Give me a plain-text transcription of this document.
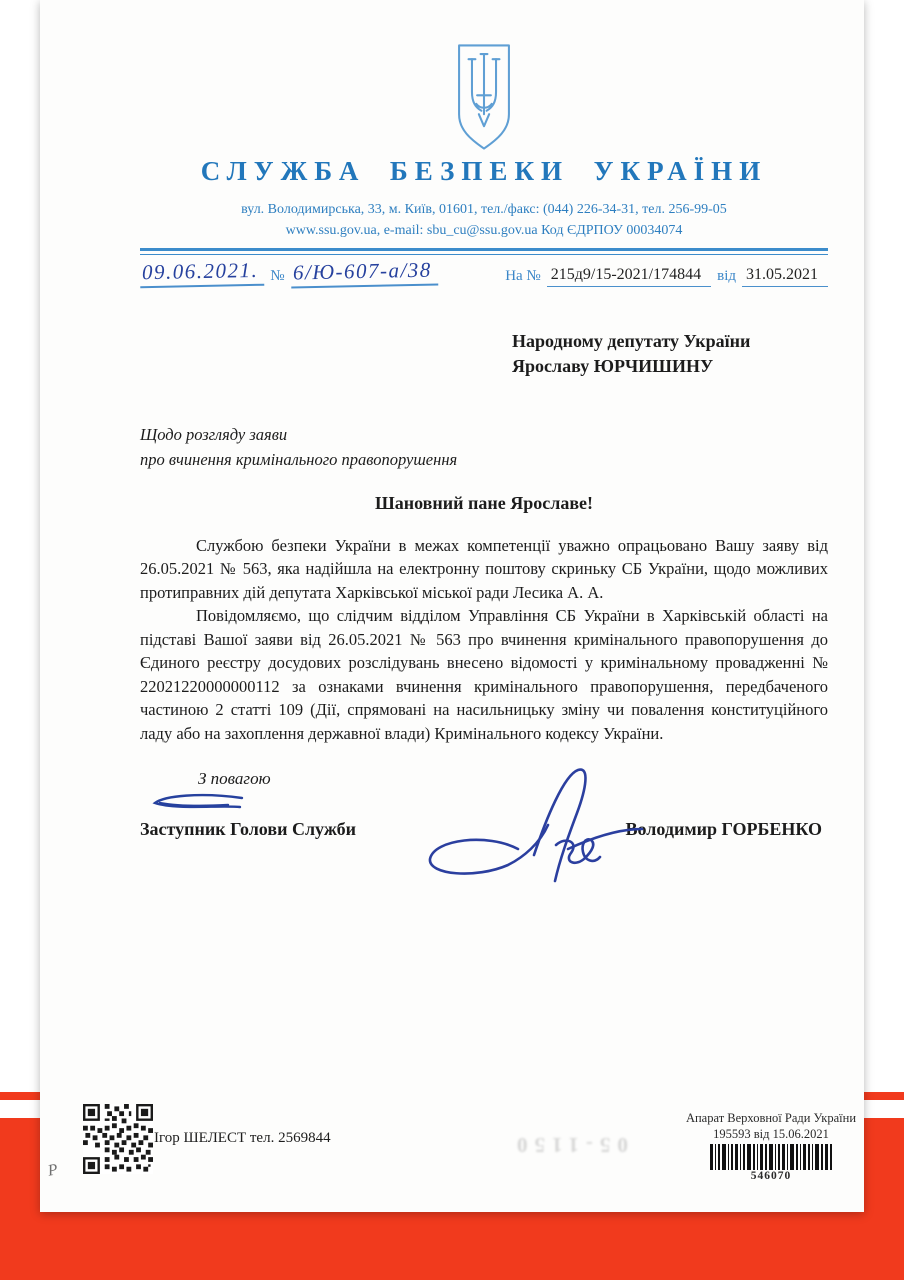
СЛУЖБА БЕЗПЕКИ УКРАЇНИ
вул. Володимирська, 33, м. Київ, 01601, тел./факс: (044) 226-34-31, тел. 256-99-05
www.ssu.gov.ua, e-mail: sbu_cu@ssu.gov.ua Код ЄДРПОУ 00034074
09.06.2021. № 6/Ю-607-а/38	На № 215д9/15-2021/174844	від 31.05.2021
Народному депутату України
Ярославу ЮРЧИШИНУ
Щодо розгляду заяви
про вчинення кримінального правопорушення
Шановний пане Ярославе!

Службою безпеки України в межах компетенції уважно опрацьовано Вашу заяву від 26.05.2021 № 563, яка надійшла на електронну поштову скриньку СБ України, щодо можливих протиправних дій депутата Харківської міської ради Лесика А. А.

Повідомляємо, що слідчим відділом Управління СБ України в Харківській області на підставі Вашої заяви від 26.05.2021 № 563 про вчинення кримінального правопорушення до Єдиного реєстру досудових розслідувань внесено відомості у кримінальному провадженні № 22021220000000112 за ознаками вчинення кримінального правопорушення, передбаченого частиною 2 статті 109 (Дії, спрямовані на насильницьку зміну чи повалення конституційного ладу або на захоплення державної влади) Кримінального кодексу України.

З повагою
Заступник Голови Служби	Володимир ГОРБЕНКО
Ігор ШЕЛЕСТ тел. 2569844
Р
Апарат Верховної Ради України
195593 від 15.06.2021
546070
05-1150
